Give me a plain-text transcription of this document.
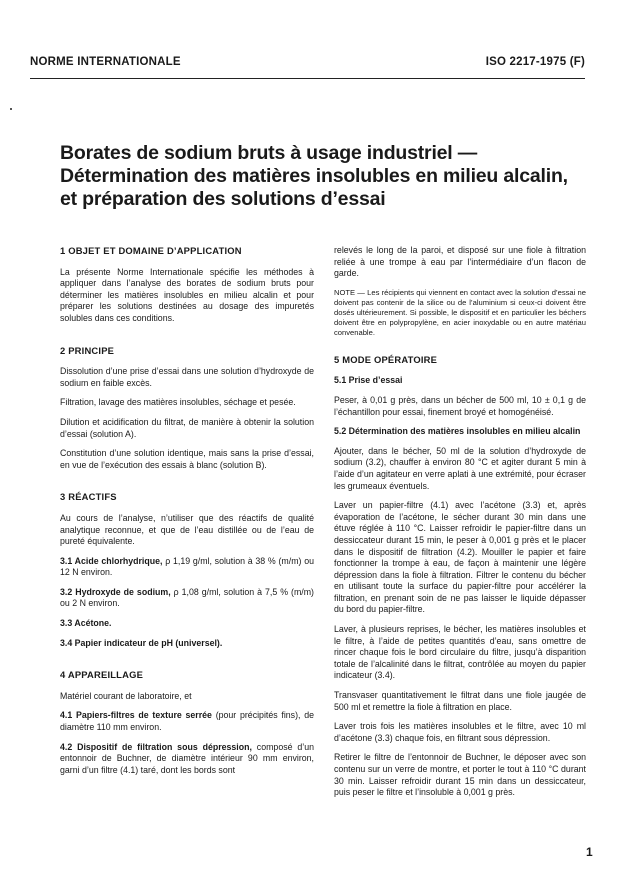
NORME INTERNATIONALE	ISO 2217-1975 (F)
Borates de sodium bruts à usage industriel — Détermination des matières insolubles en milieu alcalin, et préparation des solutions d’essai
1 OBJET ET DOMAINE D’APPLICATION

La présente Norme Internationale spécifie les méthodes à appliquer dans l’analyse des borates de sodium bruts pour déterminer les matières insolubles en milieu alcalin et pour préparer les solutions destinées au dosage des impuretés solubles dans ces conditions.

2 PRINCIPE

Dissolution d’une prise d’essai dans une solution d’hydroxyde de sodium en faible excès.

Filtration, lavage des matières insolubles, séchage et pesée.

Dilution et acidification du filtrat, de manière à obtenir la solution d’essai (solution A).

Constitution d’une solution identique, mais sans la prise d’essai, en vue de l’exécution des essais à blanc (solution B).

3 RÉACTIFS

Au cours de l’analyse, n’utiliser que des réactifs de qualité analytique reconnue, et que de l’eau distillée ou de l’eau de pureté équivalente.

3.1 Acide chlorhydrique, ρ 1,19 g/ml, solution à 38 % (m/m) ou 12 N environ.

3.2 Hydroxyde de sodium, ρ 1,08 g/ml, solution à 7,5 % (m/m) ou 2 N environ.

3.3 Acétone.

3.4 Papier indicateur de pH (universel).

4 APPAREILLAGE

Matériel courant de laboratoire, et

4.1 Papiers-filtres de texture serrée (pour précipités fins), de diamètre 110 mm environ.

4.2 Dispositif de filtration sous dépression, composé d’un entonnoir de Buchner, de diamètre intérieur 90 mm environ, garni d’un filtre (4.1) taré, dont les bords sont

relevés le long de la paroi, et disposé sur une fiole à filtration reliée à une trompe à eau par l’intermédiaire d’un flacon de garde.

NOTE — Les récipients qui viennent en contact avec la solution d’essai ne doivent pas contenir de la silice ou de l’aluminium si ceux-ci doivent être dosés ultérieurement. Si possible, le dispositif et en particulier les béchers doivent être en polypropylène, en acier inoxydable ou en autre matériau convenable.

5 MODE OPÉRATOIRE

5.1 Prise d’essai

Peser, à 0,01 g près, dans un bécher de 500 ml, 10 ± 0,1 g de l’échantillon pour essai, finement broyé et homogénéisé.

5.2 Détermination des matières insolubles en milieu alcalin

Ajouter, dans le bécher, 50 ml de la solution d’hydroxyde de sodium (3.2), chauffer à environ 80 °C et agiter durant 5 min à l’aide d’un agitateur en verre aplati à une extrémité, pour écraser les grumeaux éventuels.

Laver un papier-filtre (4.1) avec l’acétone (3.3) et, après évaporation de l’acétone, le sécher durant 30 min dans une étuve réglée à 110 °C. Laisser refroidir le papier-filtre dans un dessiccateur durant 15 min, le peser à 0,001 g près et le placer dans le dispositif de filtration (4.2). Mouiller le papier et faire fonctionner la trompe à eau, de façon à maintenir une légère dépression dans la fiole à filtration. Filtrer le contenu du bécher en utilisant toute la surface du papier-filtre pour accélérer la filtration, en prenant soin de ne pas laisser le liquide dépasser du bord du papier-filtre.

Laver, à plusieurs reprises, le bécher, les matières insolubles et le filtre, à l’aide de petites quantités d’eau, sans omettre de rincer chaque fois le bord circulaire du filtre, jusqu’à disparition totale de l’alcalinité dans le filtrat, contrôlée au moyen du papier indicateur (3.4).

Transvaser quantitativement le filtrat dans une fiole jaugée de 500 ml et remettre la fiole à filtration en place.

Laver trois fois les matières insolubles et le filtre, avec 10 ml d’acétone (3.3) chaque fois, en filtrant sous dépression.

Retirer le filtre de l’entonnoir de Buchner, le déposer avec son contenu sur un verre de montre, et porter le tout à 110 °C durant 30 min. Laisser refroidir durant 15 min dans un dessiccateur, puis peser le filtre et l’insoluble à 0,001 g près.

1
